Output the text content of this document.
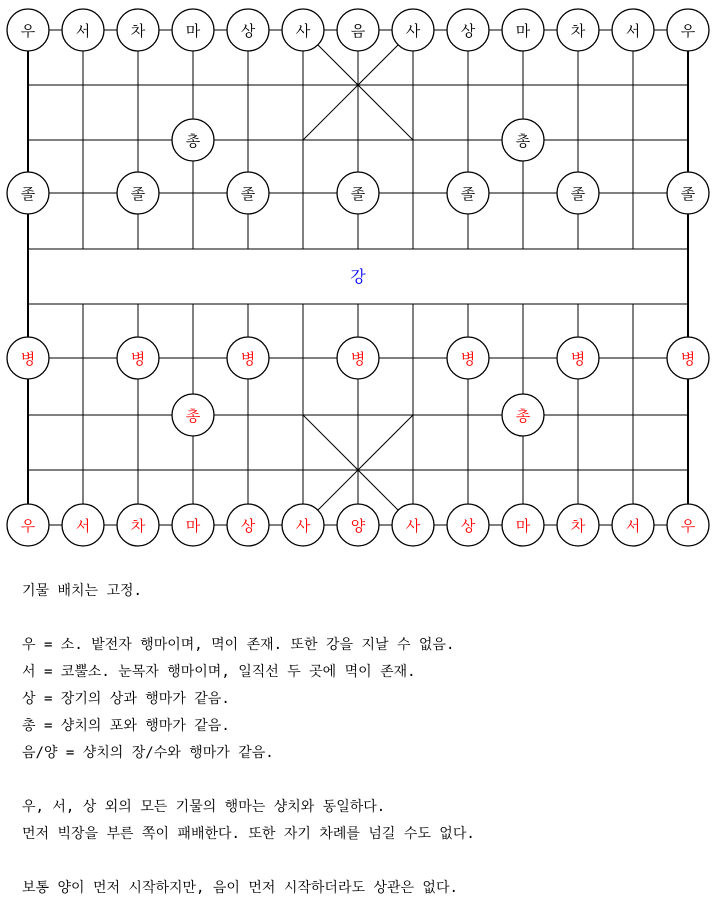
강
우	서	차	마	상	사	음	사	상	마	차	서	우
총	총
졸	졸	졸	졸	졸	졸	졸
병	병	병	병	병	병	병
총	총
우	서	차	마	상	사	양	사	상	마	차	서	우

기물 배치는 고정.

우 = 소. 밭전자 행마이며, 멱이 존재. 또한 강을 지날 수 없음.

서 = 코뿔소. 눈목자 행마이며, 일직선 두 곳에 멱이 존재.

상 = 장기의 상과 행마가 같음.

총 = 샹치의 포와 행마가 같음.

음/양 = 샹치의 장/수와 행마가 같음.

우, 서, 상 외의 모든 기물의 행마는 샹치와 동일하다.

먼저 빅장을 부른 쪽이 패배한다. 또한 자기 차례를 넘길 수도 없다.

보통 양이 먼저 시작하지만, 음이 먼저 시작하더라도 상관은 없다.
